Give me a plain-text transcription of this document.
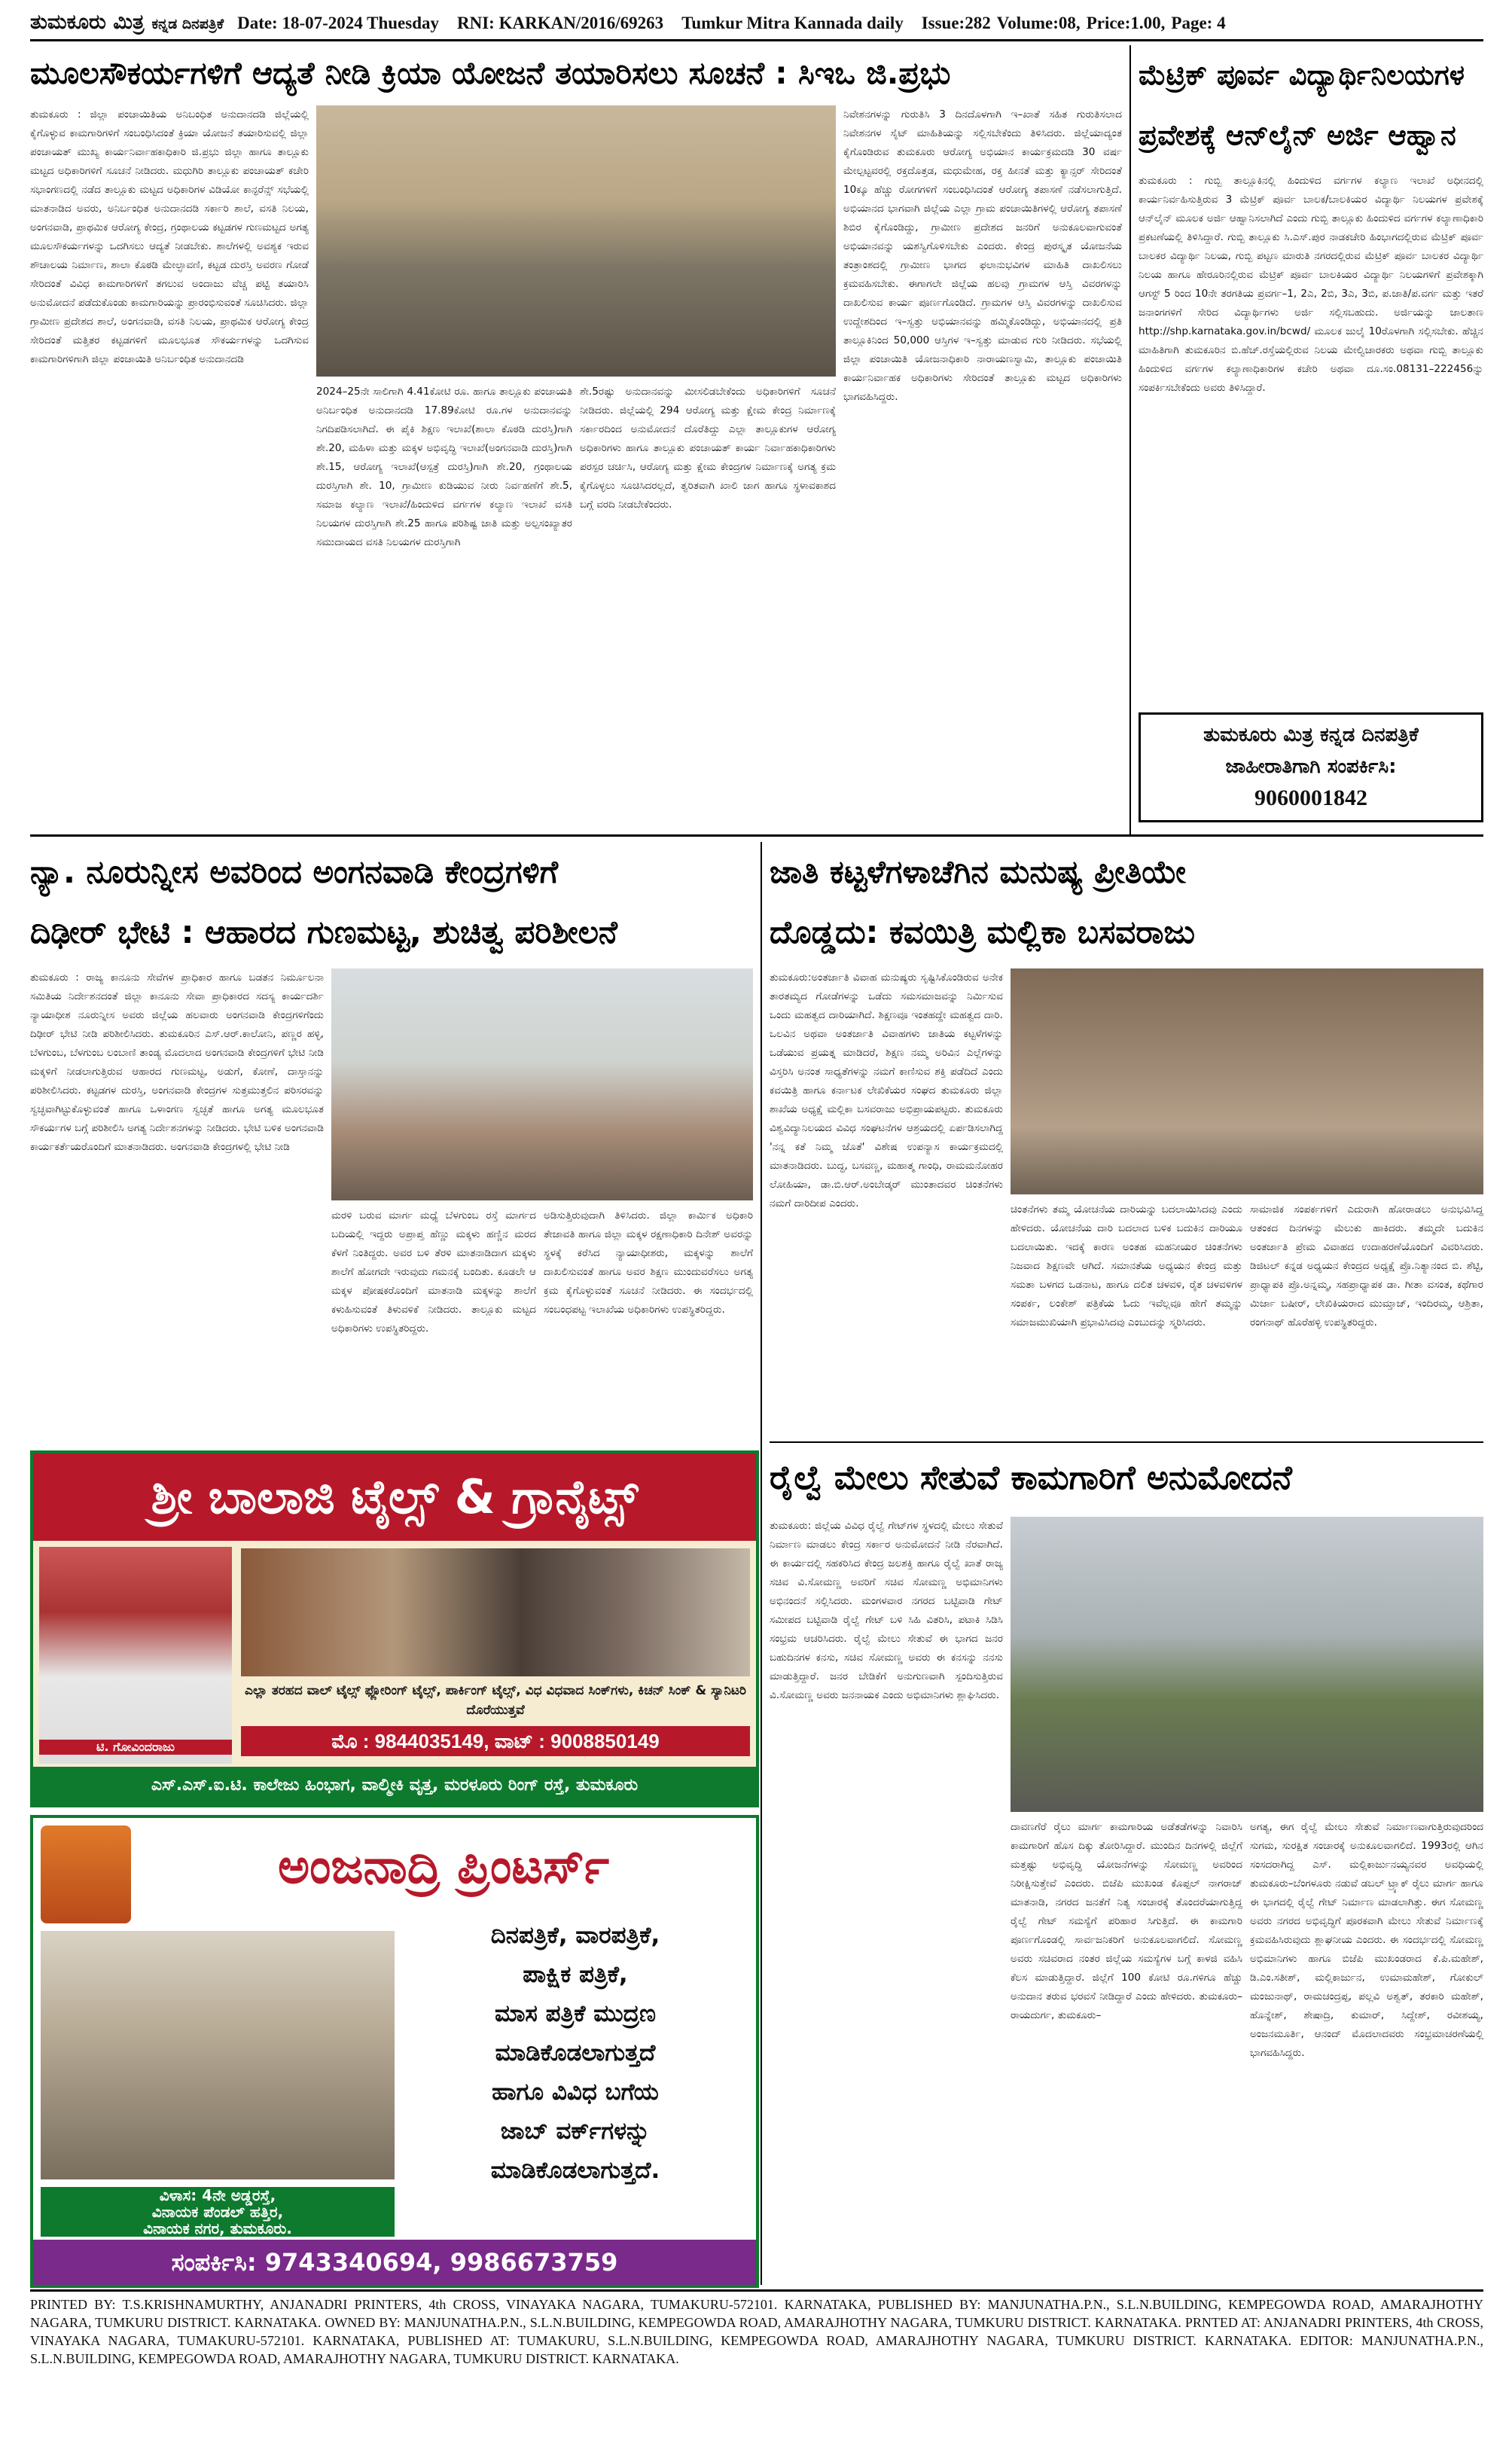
ತುಮಕೂರು ಮಿತ್ರ ಕನ್ನಡ ದಿನಪತ್ರಿಕೆ Date: 18-07-2024 Thuesday RNI: KARKAN/2016/69263 Tumkur Mitra Kannada daily Issue:282 Volume:08, Price:1.00, Page: 4
ಮೂಲಸೌಕರ್ಯಗಳಿಗೆ ಆದ್ಯತೆ ನೀಡಿ ಕ್ರಿಯಾ ಯೋಜನೆ ತಯಾರಿಸಲು ಸೂಚನೆ : ಸಿಇಒ ಜಿ.ಪ್ರಭು
ತುಮಕೂರು : ಜಿಲ್ಲಾ ಪಂಚಾಯಿತಿಯ ಅನಿಬಂಧಿತ ಅನುದಾನದಡಿ ಜಿಲ್ಲೆಯಲ್ಲಿ ಕೈಗೊಳ್ಳುವ ಕಾಮಗಾರಿಗಳಿಗೆ ಸಂಬಂಧಿಸಿದಂತೆ ಕ್ರಿಯಾ ಯೋಜನೆ ತಯಾರಿಸುವಲ್ಲಿ ಜಿಲ್ಲಾ ಪಂಚಾಯತ್ ಮುಖ್ಯ ಕಾರ್ಯನಿರ್ವಾಹಕಾಧಿಕಾರಿ ಜಿ.ಪ್ರಭು ಜಿಲ್ಲಾ ಹಾಗೂ ತಾಲ್ಲೂಕು ಮಟ್ಟದ ಅಧಿಕಾರಿಗಳಿಗೆ ಸೂಚನೆ ನೀಡಿದರು. ಮಧುಗಿರಿ ತಾಲ್ಲೂಕು ಪಂಚಾಯತ್ ಕಚೇರಿ ಸಭಾಂಗಣದಲ್ಲಿ ನಡೆದ ತಾಲ್ಲೂಕು ಮಟ್ಟದ ಅಧಿಕಾರಿಗಳ ವಿಡಿಯೋ ಕಾನ್ಫರೆನ್ಸ್ ಸಭೆಯಲ್ಲಿ ಮಾತನಾಡಿದ ಅವರು, ಅನಿರ್ಬಂಧಿತ ಅನುದಾನದಡಿ ಸರ್ಕಾರಿ ಶಾಲೆ, ವಸತಿ ನಿಲಯ, ಅಂಗನವಾಡಿ, ಪ್ರಾಥಮಿಕ ಆರೋಗ್ಯ ಕೇಂದ್ರ, ಗ್ರಂಥಾಲಯ ಕಟ್ಟಡಗಳ ಗುಣಮಟ್ಟದ ಅಗತ್ಯ ಮೂಲಸೌಕರ್ಯಗಳನ್ನು ಒದಗಿಸಲು ಆದ್ಯತೆ ನೀಡಬೇಕು. ಶಾಲೆಗಳಲ್ಲಿ ಅವಶ್ಯಕ ಇರುವ ಶೌಚಾಲಯ ನಿರ್ಮಾಣ, ಶಾಲಾ ಕೊಠಡಿ ಮೇಲ್ಛಾವಣಿ, ಕಟ್ಟಡ ದುರಸ್ತಿ ಅವರಣ ಗೋಡೆ ಸೇರಿದಂತೆ ವಿವಿಧ ಕಾಮಗಾರಿಗಳಿಗೆ ತಗಲುವ ಅಂದಾಜು ವೆಚ್ಚ ಪಟ್ಟಿ ತಯಾರಿಸಿ ಅನುಮೋದನೆ ಪಡೆದುಕೊಂಡು ಕಾಮಗಾರಿಯನ್ನು ಪ್ರಾರಂಭಿಸುವಂತೆ ಸೂಚಿಸಿದರು. ಜಿಲ್ಲಾ ಗ್ರಾಮೀಣ ಪ್ರದೇಶದ ಶಾಲೆ, ಅಂಗನವಾಡಿ, ವಸತಿ ನಿಲಯ, ಪ್ರಾಥಮಿಕ ಆರೋಗ್ಯ ಕೇಂದ್ರ ಸೇರಿದಂತೆ ಮತ್ತಿತರ ಕಟ್ಟಡಗಳಿಗೆ ಮೂಲಭೂತ ಸೌಕರ್ಯಗಳನ್ನು ಒದಗಿಸುವ ಕಾಮಗಾರಿಗಳಿಗಾಗಿ ಜಿಲ್ಲಾ ಪಂಚಾಯಿತಿ ಅನಿರ್ಬಂಧಿತ ಅನುದಾನದಡಿ
2024–25ನೇ ಸಾಲಿಗಾಗಿ 4.41ಕೋಟಿ ರೂ. ಹಾಗೂ ತಾಲ್ಲೂಕು ಪಂಚಾಯತಿ ಅನಿರ್ಬಂಧಿತ ಅನುದಾನದಡಿ 17.89ಕೋಟಿ ರೂ.ಗಳ ಅನುದಾನವನ್ನು ನಿಗದಿಪಡಿಸಲಾಗಿದೆ. ಈ ಪೈಕಿ ಶಿಕ್ಷಣ ಇಲಾಖೆ(ಶಾಲಾ ಕೊಠಡಿ ದುರಸ್ತಿ)ಗಾಗಿ ಶೇ.20, ಮಹಿಳಾ ಮತ್ತು ಮಕ್ಕಳ ಅಭಿವೃದ್ಧಿ ಇಲಾಖೆ(ಅಂಗನವಾಡಿ ದುರಸ್ತಿ)ಗಾಗಿ ಶೇ.15, ಆರೋಗ್ಯ ಇಲಾಖೆ(ಆಸ್ಪತ್ರೆ ದುರಸ್ತಿ)ಗಾಗಿ ಶೇ.20, ಗ್ರಂಥಾಲಯ ದುರಸ್ತಿಗಾಗಿ ಶೇ. 10, ಗ್ರಾಮೀಣ ಕುಡಿಯುವ ನೀರು ನಿರ್ವಹಣೆಗೆ ಶೇ.5, ಸಮಾಜ ಕಲ್ಯಾಣ ಇಲಾಖೆ/ಹಿಂದುಳಿದ ವರ್ಗಗಳ ಕಲ್ಯಾಣ ಇಲಾಖೆ ವಸತಿ ನಿಲಯಗಳ ದುರಸ್ತಿಗಾಗಿ ಶೇ.25 ಹಾಗೂ ಪರಿಶಿಷ್ಟ ಜಾತಿ ಮತ್ತು ಅಲ್ಪಸಂಖ್ಯಾತರ ಸಮುದಾಯದ ವಸತಿ ನಿಲಯಗಳ ದುರಸ್ತಿಗಾಗಿ
ಶೇ.5ರಷ್ಟು ಅನುದಾನವನ್ನು ಮೀಸಲಿಡಬೇಕೆಂದು ಅಧಿಕಾರಿಗಳಿಗೆ ಸೂಚನೆ ನೀಡಿದರು. ಜಿಲ್ಲೆಯಲ್ಲಿ 294 ಆರೋಗ್ಯ ಮತ್ತು ಕ್ಷೇಮ ಕೇಂದ್ರ ನಿರ್ಮಾಣಕ್ಕೆ ಸರ್ಕಾರದಿಂದ ಅನುಮೋದನೆ ದೊರೆತಿದ್ದು ಎಲ್ಲಾ ತಾಲ್ಲೂಕುಗಳ ಆರೋಗ್ಯ ಅಧಿಕಾರಿಗಳು ಹಾಗೂ ತಾಲ್ಲೂಕು ಪಂಚಾಯತ್ ಕಾರ್ಯ ನಿರ್ವಾಹಕಾಧಿಕಾರಿಗಳು ಪರಸ್ಪರ ಚರ್ಚಿಸಿ, ಆರೋಗ್ಯ ಮತ್ತು ಕ್ಷೇಮ ಕೇಂದ್ರಗಳ ನಿರ್ಮಾಣಕ್ಕೆ ಅಗತ್ಯ ಕ್ರಮ ಕೈಗೊಳ್ಳಲು ಸೂಚಿಸಿದರಲ್ಲದೆ, ತ್ವರಿತವಾಗಿ ಖಾಲಿ ಜಾಗ ಹಾಗೂ ಸ್ಥಳಾವಕಾಶದ ಬಗ್ಗೆ ವರದಿ ನೀಡಬೇಕೆಂದರು.
ನಿವೇಶನಗಳನ್ನು ಗುರುತಿಸಿ 3 ದಿನದೊಳಗಾಗಿ ಇ–ಖಾತೆ ಸಹಿತ ಗುರುತಿಸಲಾದ ನಿವೇಶನಗಳ ಸೈಟ್ ಮಾಹಿತಿಯನ್ನು ಸಲ್ಲಿಸಬೇಕೆಂದು ತಿಳಿಸಿದರು. ಜಿಲ್ಲೆಯಾದ್ಯಂತ ಕೈಗೊಂಡಿರುವ ತುಮಕೂರು ಆರೋಗ್ಯ ಅಭಿಯಾನ ಕಾರ್ಯಕ್ರಮದಡಿ 30 ವರ್ಷ ಮೇಲ್ಪಟ್ಟವರಲ್ಲಿ ರಕ್ತದೊತ್ತಡ, ಮಧುಮೇಹ, ರಕ್ತ ಹೀನತೆ ಮತ್ತು ಕ್ಯಾನ್ಸರ್ ಸೇರಿದಂತೆ 10ಕ್ಕೂ ಹೆಚ್ಚು ರೋಗಗಳಿಗೆ ಸಂಬಂಧಿಸಿದಂತೆ ಆರೋಗ್ಯ ತಪಾಸಣೆ ನಡೆಸಲಾಗುತ್ತಿದೆ. ಅಭಿಯಾನದ ಭಾಗವಾಗಿ ಜಿಲ್ಲೆಯ ಎಲ್ಲಾ ಗ್ರಾಮ ಪಂಚಾಯಿತಿಗಳಲ್ಲಿ ಆರೋಗ್ಯ ತಪಾಸಣೆ ಶಿಬಿರ ಕೈಗೊಂಡಿದ್ದು, ಗ್ರಾಮೀಣ ಪ್ರದೇಶದ ಜನರಿಗೆ ಅನುಕೂಲವಾಗುವಂತೆ ಅಭಿಯಾನವನ್ನು ಯಶಸ್ವಿಗೊಳಿಸಬೇಕು ಎಂದರು. ಕೇಂದ್ರ ಪುರಸ್ಕೃತ ಯೋಜನೆಯ ತಂತ್ರಾಂಶದಲ್ಲಿ ಗ್ರಾಮೀಣ ಭಾಗದ ಫಲಾನುಭವಿಗಳ ಮಾಹಿತಿ ದಾಖಲಿಸಲು ಕ್ರಮವಹಿಸಬೇಕು. ಈಗಾಗಲೇ ಜಿಲ್ಲೆಯ ಹಲವು ಗ್ರಾಮಗಳ ಆಸ್ತಿ ವಿವರಗಳನ್ನು ದಾಖಲಿಸುವ ಕಾರ್ಯ ಪೂರ್ಣಗೊಂಡಿದೆ. ಗ್ರಾಮಗಳ ಆಸ್ತಿ ವಿವರಗಳನ್ನು ದಾಖಲಿಸುವ ಉದ್ದೇಶದಿಂದ ಇ–ಸ್ವತ್ತು ಅಭಿಯಾನವನ್ನು ಹಮ್ಮಿಕೊಂಡಿದ್ದು, ಅಭಿಯಾನದಲ್ಲಿ ಪ್ರತಿ ತಾಲ್ಲೂಕಿನಿಂದ 50,000 ಆಸ್ತಿಗಳ ಇ–ಸ್ವತ್ತು ಮಾಡುವ ಗುರಿ ನೀಡಿದರು. ಸಭೆಯಲ್ಲಿ ಜಿಲ್ಲಾ ಪಂಚಾಯಿತಿ ಯೋಜನಾಧಿಕಾರಿ ನಾರಾಯಣಸ್ವಾಮಿ, ತಾಲ್ಲೂಕು ಪಂಚಾಯಿತಿ ಕಾರ್ಯನಿರ್ವಾಹಕ ಅಧಿಕಾರಿಗಳು ಸೇರಿದಂತೆ ತಾಲ್ಲೂಕು ಮಟ್ಟದ ಅಧಿಕಾರಿಗಳು ಭಾಗವಹಿಸಿದ್ದರು.
ಮೆಟ್ರಿಕ್ ಪೂರ್ವ ವಿದ್ಯಾರ್ಥಿನಿಲಯಗಳ ಪ್ರವೇಶಕ್ಕೆ ಆನ್‌ಲೈನ್ ಅರ್ಜಿ ಆಹ್ವಾನ
ತುಮಕೂರು : ಗುಬ್ಬಿ ತಾಲ್ಲೂಕಿನಲ್ಲಿ ಹಿಂದುಳಿದ ವರ್ಗಗಳ ಕಲ್ಯಾಣ ಇಲಾಖೆ ಅಧೀನದಲ್ಲಿ ಕಾರ್ಯನಿರ್ವಹಿಸುತ್ತಿರುವ 3 ಮೆಟ್ರಿಕ್ ಪೂರ್ವ ಬಾಲಕ/ಬಾಲಕಿಯರ ವಿದ್ಯಾರ್ಥಿ ನಿಲಯಗಳ ಪ್ರವೇಶಕ್ಕೆ ಆನ್‌ಲೈನ್ ಮೂಲಕ ಅರ್ಜಿ ಆಹ್ವಾನಿಸಲಾಗಿದೆ ಎಂದು ಗುಬ್ಬಿ ತಾಲ್ಲೂಕು ಹಿಂದುಳಿದ ವರ್ಗಗಳ ಕಲ್ಯಾಣಾಧಿಕಾರಿ ಪ್ರಕಟಣೆಯಲ್ಲಿ ತಿಳಿಸಿದ್ದಾರೆ. ಗುಬ್ಬಿ ತಾಲ್ಲೂಕು ಸಿ.ಎಸ್.ಪುರ ನಾಡಕಚೇರಿ ಹಿಂಭಾಗದಲ್ಲಿರುವ ಮೆಟ್ರಿಕ್ ಪೂರ್ವ ಬಾಲಕರ ವಿದ್ಯಾರ್ಥಿ ನಿಲಯ, ಗುಬ್ಬಿ ಪಟ್ಟಣ ಮಾರುತಿ ನಗರದಲ್ಲಿರುವ ಮೆಟ್ರಿಕ್ ಪೂರ್ವ ಬಾಲಕರ ವಿದ್ಯಾರ್ಥಿ ನಿಲಯ ಹಾಗೂ ಹೇರೂರಿನಲ್ಲಿರುವ ಮೆಟ್ರಿಕ್ ಪೂರ್ವ ಬಾಲಕಿಯರ ವಿದ್ಯಾರ್ಥಿ ನಿಲಯಗಳಿಗೆ ಪ್ರವೇಶಕ್ಕಾಗಿ ಆಗಸ್ಟ್ 5 ರಿಂದ 10ನೇ ತರಗತಿಯ ಪ್ರವರ್ಗ–1, 2ಎ, 2ಬಿ, 3ಎ, 3ಬಿ, ಪ.ಜಾತಿ/ಪ.ವರ್ಗ ಮತ್ತು ಇತರೆ ಜನಾಂಗಗಳಿಗೆ ಸೇರಿದ ವಿದ್ಯಾರ್ಥಿಗಳು ಅರ್ಜಿ ಸಲ್ಲಿಸಬಹುದು. ಅರ್ಜಿಯನ್ನು ಜಾಲತಾಣ http://shp.karnataka.gov.in/bcwd/ ಮೂಲಕ ಜುಲೈ 10ರೊಳಗಾಗಿ ಸಲ್ಲಿಸಬೇಕು. ಹೆಚ್ಚಿನ ಮಾಹಿತಿಗಾಗಿ ತುಮಕೂರಿನ ಬಿ.ಹೆಚ್.ರಸ್ತೆಯಲ್ಲಿರುವ ನಿಲಯ ಮೇಲ್ವಿಚಾರಕರು ಅಥವಾ ಗುಬ್ಬಿ ತಾಲ್ಲೂಕು ಹಿಂದುಳಿದ ವರ್ಗಗಳ ಕಲ್ಯಾಣಾಧಿಕಾರಿಗಳ ಕಚೇರಿ ಅಥವಾ ದೂ.ಸಂ.08131–222456ನ್ನು ಸಂಪರ್ಕಿಸಬೇಕೆಂದು ಅವರು ತಿಳಿಸಿದ್ದಾರೆ.
ತುಮಕೂರು ಮಿತ್ರ ಕನ್ನಡ ದಿನಪತ್ರಿಕೆ
ಜಾಹೀರಾತಿಗಾಗಿ ಸಂಪರ್ಕಿಸಿ:
9060001842
ನ್ಯಾ. ನೂರುನ್ನೀಸ ಅವರಿಂದ ಅಂಗನವಾಡಿ ಕೇಂದ್ರಗಳಿಗೆ
ದಿಢೀರ್ ಭೇಟಿ : ಆಹಾರದ ಗುಣಮಟ್ಟ, ಶುಚಿತ್ವ ಪರಿಶೀಲನೆ
ತುಮಕೂರು : ರಾಜ್ಯ ಕಾನೂನು ಸೇವೆಗಳ ಪ್ರಾಧಿಕಾರ ಹಾಗೂ ಬಡತನ ನಿರ್ಮೂಲನಾ ಸಮಿತಿಯ ನಿರ್ದೇಶನದಂತೆ ಜಿಲ್ಲಾ ಕಾನೂನು ಸೇವಾ ಪ್ರಾಧಿಕಾರದ ಸದಸ್ಯ ಕಾರ್ಯದರ್ಶಿ ನ್ಯಾಯಾಧೀಶ ನೂರುನ್ನೀಸ ಅವರು ಜಿಲ್ಲೆಯ ಹಲವಾರು ಅಂಗನವಾಡಿ ಕೇಂದ್ರಗಳಿಗೆಂದು ದಿಢೀರ್ ಭೇಟಿ ನೀಡಿ ಪರಿಶೀಲಿಸಿದರು. ತುಮಕೂರಿನ ಎಸ್.ಆರ್.ಕಾಲೋನಿ, ಪಣ್ಣರ ಹಳ್ಳಿ, ಬೆಳಗುಂಬ, ಬೆಳಗುಂಬ ಲಂಬಾಣಿ ತಾಂಡ್ಯ ಮೊದಲಾದ ಅಂಗನವಾಡಿ ಕೇಂದ್ರಗಳಿಗೆ ಭೇಟಿ ನೀಡಿ ಮಕ್ಕಳಿಗೆ ನೀಡಲಾಗುತ್ತಿರುವ ಆಹಾರದ ಗುಣಮಟ್ಟ, ಅಡುಗೆ, ಕೋಣೆ, ದಾಸ್ತಾನನ್ನು ಪರಿಶೀಲಿಸಿದರು. ಕಟ್ಟಡಗಳ ದುರಸ್ತಿ, ಅಂಗನವಾಡಿ ಕೇಂದ್ರಗಳ ಸುತ್ತಮುತ್ತಲಿನ ಪರಿಸರವನ್ನು ಸ್ವಚ್ಛವಾಗಿಟ್ಟುಕೊಳ್ಳುವಂತೆ ಹಾಗೂ ಒಳಾಂಗಣ ಸ್ವಚ್ಛತೆ ಹಾಗೂ ಅಗತ್ಯ ಮೂಲಭೂತ ಸೌಕರ್ಯಗಳ ಬಗ್ಗೆ ಪರಿಶೀಲಿಸಿ ಅಗತ್ಯ ನಿರ್ದೇಶನಗಳನ್ನು ನೀಡಿದರು. ಭೇಟಿ ಬಳಿಕ ಅಂಗನವಾಡಿ ಕಾರ್ಯಕರ್ತೆಯರೊಂದಿಗೆ ಮಾತನಾಡಿದರು. ಅಂಗನವಾಡಿ ಕೇಂದ್ರಗಳಲ್ಲಿ ಭೇಟಿ ನೀಡಿ
ಮರಳಿ ಬರುವ ಮಾರ್ಗ ಮಧ್ಯೆ ಬೆಳಗುಂಬ ರಸ್ತೆ ಮಾರ್ಗದ ಬದಿಯಲ್ಲಿ ಇದ್ದರು ಅಪ್ರಾಪ್ತ ಹೆಣ್ಣು ಮಕ್ಕಳು ಹಣ್ಣಿನ ಮರದ ಕೆಳಗೆ ನಿಂತಿದ್ದರು. ಅವರ ಬಳಿ ತೆರಳಿ ಮಾತನಾಡಿದಾಗ ಮಕ್ಕಳು ಶಾಲೆಗೆ ಹೋಗದೇ ಇರುವುದು ಗಮನಕ್ಕೆ ಬಂದಿತು. ಕೂಡಲೇ ಆ ಮಕ್ಕಳ ಪೋಷಕರೊಂದಿಗೆ ಮಾತನಾಡಿ ಮಕ್ಕಳನ್ನು ಶಾಲೆಗೆ ಕಳುಹಿಸುವಂತೆ ತಿಳುವಳಿಕೆ ನೀಡಿದರು. ತಾಲ್ಲೂಕು ಮಟ್ಟದ ಅಧಿಕಾರಿಗಳು ಉಪಸ್ಥಿತರಿದ್ದರು.
ಅಡಿಸುತ್ತಿರುವುದಾಗಿ ತಿಳಿಸಿದರು. ಜಿಲ್ಲಾ ಕಾರ್ಮಿಕ ಅಧಿಕಾರಿ ತೇಜಾವತಿ ಹಾಗೂ ಜಿಲ್ಲಾ ಮಕ್ಕಳ ರಕ್ಷಣಾಧಿಕಾರಿ ದಿನೇಶ್ ಅವರನ್ನು ಸ್ಥಳಕ್ಕೆ ಕರೆಸಿದ ನ್ಯಾಯಾಧೀಶರು, ಮಕ್ಕಳನ್ನು ಶಾಲೆಗೆ ದಾಖಲಿಸುವಂತೆ ಹಾಗೂ ಅವರ ಶಿಕ್ಷಣ ಮುಂದುವರೆಸಲು ಅಗತ್ಯ ಕ್ರಮ ಕೈಗೊಳ್ಳುವಂತೆ ಸೂಚನೆ ನೀಡಿದರು. ಈ ಸಂದರ್ಭದಲ್ಲಿ ಸಂಬಂಧಪಟ್ಟ ಇಲಾಖೆಯ ಅಧಿಕಾರಿಗಳು ಉಪಸ್ಥಿತರಿದ್ದರು.
ಜಾತಿ ಕಟ್ಟಳೆಗಳಾಚೆಗಿನ ಮನುಷ್ಯ ಪ್ರೀತಿಯೇ
ದೊಡ್ಡದು: ಕವಯಿತ್ರಿ ಮಲ್ಲಿಕಾ ಬಸವರಾಜು
ತುಮಕೂರು:ಅಂತರ್ಜಾತಿ ವಿವಾಹ ಮನುಷ್ಯರು ಸೃಷ್ಟಿಸಿಕೊಂಡಿರುವ ಅನೇಕ ತಾರತಮ್ಯದ ಗೋಡೆಗಳನ್ನು ಒಡೆದು ಸಮಸಮಾಜವನ್ನು ನಿರ್ಮಿಸುವ ಒಂದು ಮಹತ್ವದ ದಾರಿಯಾಗಿದೆ. ಶಿಕ್ಷಣವೂ ಇಂತಹದ್ದೇ ಮಹತ್ವದ ದಾರಿ. ಒಲವಿನ ಅಥವಾ ಅಂತರ್ಜಾತಿ ವಿವಾಹಗಳು ಜಾತಿಯ ಕಟ್ಟಳೆಗಳನ್ನು ಒಡೆಯುವ ಪ್ರಯತ್ನ ಮಾಡಿದರೆ, ಶಿಕ್ಷಣ ನಮ್ಮ ಅರಿವಿನ ಎಲ್ಲೆಗಳನ್ನು ವಿಸ್ತರಿಸಿ ಅನಂತ ಸಾಧ್ಯತೆಗಳನ್ನು ನಮಗೆ ಕಾಣಿಸುವ ಶಕ್ತಿ ಪಡೆದಿದೆ ಎಂದು ಕವಯಿತ್ರಿ ಹಾಗೂ ಕರ್ನಾಟಕ ಲೇಖಿಕೆಯರ ಸಂಘದ ತುಮಕೂರು ಜಿಲ್ಲಾ ಶಾಖೆಯ ಅಧ್ಯಕ್ಷೆ ಮಲ್ಲಿಕಾ ಬಸವರಾಜು ಅಭಿಪ್ರಾಯಪಟ್ಟರು. ತುಮಕೂರು ವಿಶ್ವವಿದ್ಯಾನಿಲಯದ ವಿವಿಧ ಸಂಘಟನೆಗಳ ಆಶ್ರಯದಲ್ಲಿ ಏರ್ಪಡಿಸಲಾಗಿದ್ದ 'ನನ್ನ ಕತೆ ನಿಮ್ಮ ಜೊತೆ' ವಿಶೇಷ ಉಪನ್ಯಾಸ ಕಾರ್ಯಕ್ರಮದಲ್ಲಿ ಮಾತನಾಡಿದರು. ಬುದ್ಧ, ಬಸವಣ್ಣ, ಮಹಾತ್ಮ ಗಾಂಧಿ, ರಾಮಮನೋಹರ ಲೋಹಿಯಾ, ಡಾ.ಬಿ.ಆರ್.ಅಂಬೇಡ್ಕರ್ ಮುಂತಾದವರ ಚಿಂತನೆಗಳು ನಮಗೆ ದಾರಿದೀಪ ಎಂದರು.	ಚಿಂತನೆಗಳು ತಮ್ಮ ಯೋಚನೆಯ ದಾರಿಯನ್ನು ಬದಲಾಯಿಸಿದವು ಎಂದು ಹೇಳಿದರು. ಯೋಚನೆಯ ದಾರಿ ಬದಲಾದ ಬಳಿಕ ಬದುಕಿನ ದಾರಿಯೂ ಬದಲಾಯಿತು. ಇದಕ್ಕೆ ಕಾರಣ ಅಂತಹ ಮಹನೀಯರ ಚಿಂತನೆಗಳು ನಿಜವಾದ ಶಿಕ್ಷಣವೇ ಆಗಿದೆ. ಸಮಾನತೆಯ ಅಧ್ಯಯನ ಕೇಂದ್ರ ಮತ್ತು ಸಮತಾ ಬಳಗದ ಒಡನಾಟ, ಹಾಗೂ ದಲಿತ ಚಳವಳಿ, ರೈತ ಚಳವಳಿಗಳ ಸಂಪರ್ಕ, ಲಂಕೇಶ್ ಪತ್ರಿಕೆಯ ಓದು ಇವೆಲ್ಲವೂ ಹೇಗೆ ತಮ್ಮನ್ನು ಸಮಾಜಮುಖಿಯಾಗಿ ಪ್ರಭಾವಿಸಿದವು ಎಂಬುದನ್ನು ಸ್ಮರಿಸಿದರು.
ಸಾಮಾಜಿಕ ಸಂಪರ್ಕಗಳಿಗೆ ಎದುರಾಗಿ ಹೋರಾಡಲು ಅನುಭವಿಸಿದ್ದ ಆತಂಕದ ದಿನಗಳನ್ನು ಮೆಲುಕು ಹಾಕಿದರು. ತಮ್ಮದೇ ಬದುಕಿನ ಅಂತರ್ಜಾತಿ ಪ್ರೇಮ ವಿವಾಹದ ಉದಾಹರಣೆಯೊಂದಿಗೆ ವಿವರಿಸಿದರು. ಡಿಜಿಟಲ್ ಕನ್ನಡ ಅಧ್ಯಯನ ಕೇಂದ್ರದ ಅಧ್ಯಕ್ಷೆ ಪ್ರೊ.ನಿತ್ಯಾನಂದ ಬಿ. ಶೆಟ್ಟಿ, ಪ್ರಾಧ್ಯಾಪಕಿ ಪ್ರೊ.ಅನ್ನಮ್ಮ, ಸಹಪ್ರಾಧ್ಯಾಪಕ ಡಾ. ಗೀತಾ ವಸಂತ, ಕಥೆಗಾರ ಮಿರ್ಜಾ ಬಷೀರ್, ಲೇಖಿಕಿಯರಾದ ಮುಮ್ತಾಜ್, ಇಂದಿರಮ್ಮ, ಆಶ್ರಿತಾ, ರಂಗನಾಥ್ ಹೊರೆಹಳ್ಳಿ ಉಪಸ್ಥಿತರಿದ್ದರು.
ರೈಲ್ವೆ ಮೇಲು ಸೇತುವೆ ಕಾಮಗಾರಿಗೆ ಅನುಮೋದನೆ
ತುಮಕೂರು: ಜಿಲ್ಲೆಯ ವಿವಿಧ ರೈಲ್ವೆ ಗೇಟ್‌ಗಳ ಸ್ಥಳದಲ್ಲಿ ಮೇಲು ಸೇತುವೆ ನಿರ್ಮಾಣ ಮಾಡಲು ಕೇಂದ್ರ ಸರ್ಕಾರ ಅನುಮೋದನೆ ನೀಡಿ ನೆರವಾಗಿದೆ. ಈ ಕಾರ್ಯದಲ್ಲಿ ಸಹಕರಿಸಿದ ಕೇಂದ್ರ ಜಲಶಕ್ತಿ ಹಾಗೂ ರೈಲ್ವೆ ಖಾತೆ ರಾಜ್ಯ ಸಚಿವ ವಿ.ಸೋಮಣ್ಣ ಅವರಿಗೆ ಸಚಿವ ಸೋಮಣ್ಣ ಅಭಿಮಾನಿಗಳು ಅಭಿನಂದನೆ ಸಲ್ಲಿಸಿದರು. ಮಂಗಳವಾರ ನಗರದ ಬಟ್ಟಿವಾಡಿ ಗೇಟ್ ಸಮೀಪದ ಬಟ್ಟಿವಾಡಿ ರೈಲ್ವೆ ಗೇಟ್ ಬಳಿ ಸಿಹಿ ವಿತರಿಸಿ, ಪಟಾಕಿ ಸಿಡಿಸಿ ಸಂಭ್ರಮ ಆಚರಿಸಿದರು. ರೈಲ್ವೆ ಮೇಲು ಸೇತುವೆ ಈ ಭಾಗದ ಜನರ ಬಹುದಿನಗಳ ಕನಸು, ಸಚಿವ ಸೋಮಣ್ಣ ಅವರು ಈ ಕನಸನ್ನು ನನಸು ಮಾಡುತ್ತಿದ್ದಾರೆ. ಜನರ ಬೇಡಿಕೆಗೆ ಅನುಗುಣವಾಗಿ ಸ್ಪಂದಿಸುತ್ತಿರುವ ವಿ.ಸೋಮಣ್ಣ ಅವರು ಜನನಾಯಕ ಎಂದು ಅಭಿಮಾನಿಗಳು ಶ್ಲಾಘಿಸಿದರು.
ದಾವಣಗೆರೆ ರೈಲು ಮಾರ್ಗ ಕಾಮಗಾರಿಯ ಅಡೆತಡೆಗಳನ್ನು ನಿವಾರಿಸಿ ಕಾಮಗಾರಿಗೆ ಹೊಸ ದಿಕ್ಕು ತೋರಿಸಿದ್ದಾರೆ. ಮುಂದಿನ ದಿನಗಳಲ್ಲಿ ಜಿಲ್ಲೆಗೆ ಮತ್ತಷ್ಟು ಅಭಿವೃದ್ಧಿ ಯೋಜನೆಗಳನ್ನು ಸೋಮಣ್ಣ ಅವರಿಂದ ನಿರೀಕ್ಷಿಸುತ್ತೇವೆ ಎಂದರು. ಬಿಜೆಪಿ ಮುಖಂಡ ಕೊಪ್ಪಲ್ ನಾಗರಾಜ್ ಮಾತನಾಡಿ, ನಗರದ ಜನತೆಗೆ ನಿತ್ಯ ಸಂಚಾರಕ್ಕೆ ತೊಂದರೆಯಾಗುತ್ತಿದ್ದ ರೈಲ್ವೆ ಗೇಟ್ ಸಮಸ್ಯೆಗೆ ಪರಿಹಾರ ಸಿಗುತ್ತಿದೆ. ಈ ಕಾಮಗಾರಿ ಪೂರ್ಣಗೊಂಡಲ್ಲಿ ಸಾರ್ವಜನಿಕರಿಗೆ ಅನುಕೂಲವಾಗಲಿದೆ. ಸೋಮಣ್ಣ ಅವರು ಸಚಿವರಾದ ನಂತರ ಜಿಲ್ಲೆಯ ಸಮಸ್ಯೆಗಳ ಬಗ್ಗೆ ಕಾಳಜಿ ವಹಿಸಿ ಕೆಲಸ ಮಾಡುತ್ತಿದ್ದಾರೆ. ಜಿಲ್ಲೆಗೆ 100 ಕೋಟಿ ರೂ.ಗಳಿಗೂ ಹೆಚ್ಚು ಅನುದಾನ ತರುವ ಭರವಸೆ ನೀಡಿದ್ದಾರೆ ಎಂದು ಹೇಳಿದರು. ತುಮಕೂರು–ರಾಯದುರ್ಗ, ತುಮಕೂರು–
ಅಗತ್ಯ, ಈಗ ರೈಲ್ವೆ ಮೇಲು ಸೇತುವೆ ನಿರ್ಮಾಣವಾಗುತ್ತಿರುವುದರಿಂದ ಸುಗಮ, ಸುರಕ್ಷಿತ ಸಂಚಾರಕ್ಕೆ ಅನುಕೂಲವಾಗಲಿದೆ. 1993ರಲ್ಲಿ ಆಗಿನ ಸಂಸದರಾಗಿದ್ದ ಎಸ್. ಮಲ್ಲಿಕಾರ್ಜುನಯ್ಯನವರ ಅವಧಿಯಲ್ಲಿ ತುಮಕೂರು–ಬೆಂಗಳೂರು ನಡುವೆ ಡಬಲ್ ಟ್ರ್ಯಾಕ್ ರೈಲು ಮಾರ್ಗ ಹಾಗೂ ಈ ಭಾಗದಲ್ಲಿ ರೈಲ್ವೆ ಗೇಟ್ ನಿರ್ಮಾಣ ಮಾಡಲಾಗಿತ್ತು. ಈಗ ಸೋಮಣ್ಣ ಅವರು ನಗರದ ಅಭಿವೃದ್ಧಿಗೆ ಪೂರಕವಾಗಿ ಮೇಲು ಸೇತುವೆ ನಿರ್ಮಾಣಕ್ಕೆ ಕ್ರಮವಹಿಸಿರುವುದು ಶ್ಲಾಘನೀಯ ಎಂದರು. ಈ ಸಂದರ್ಭದಲ್ಲಿ ಸೋಮಣ್ಣ ಅಭಿಮಾನಿಗಳು ಹಾಗೂ ಬಿಜೆಪಿ ಮುಖಂಡರಾದ ಕೆ.ಪಿ.ಮಹೇಶ್, ಡಿ.ಎಂ.ಸತೀಶ್, ಮಲ್ಲಿಕಾರ್ಜುನ, ಉಮಾಮಹೇಶ್, ಗೋಕುಲ್ ಮಂಜುನಾಥ್, ರಾಮಚಂದ್ರಪ್ಪ, ಪಲ್ಲವಿ ಅಶ್ವತ್, ತರಕಾರಿ ಮಹೇಶ್, ಹೊನ್ನೇಶ್, ಶೇಷಾದ್ರಿ, ಕುಮಾರ್, ಸಿದ್ದೇಶ್, ರವೀಶಯ್ಯ, ಅಂಜನಮೂರ್ತಿ, ಆನಂದ್ ಮೊದಲಾದವರು ಸಂಭ್ರಮಾಚರಣೆಯಲ್ಲಿ ಭಾಗವಹಿಸಿದ್ದರು.
ಶ್ರೀ ಬಾಲಾಜಿ ಟೈಲ್ಸ್ & ಗ್ರಾನೈಟ್ಸ್
ಟಿ. ಗೋವಿಂದರಾಜು
ಎಲ್ಲಾ ತರಹದ ವಾಲ್ ಟೈಲ್ಸ್ ಫ್ಲೋರಿಂಗ್ ಟೈಲ್ಸ್, ಪಾರ್ಕಿಂಗ್ ಟೈಲ್ಸ್, ವಿಧ ವಿಧವಾದ ಸಿಂಕ್‌ಗಳು, ಕಿಚನ್ ಸಿಂಕ್ & ಸ್ಯಾನಿಟರಿ ದೊರೆಯುತ್ತವೆ
ಮೊ : 9844035149, ವಾಟ್ : 9008850149
ಎಸ್.ಎಸ್.ಐ.ಟಿ. ಕಾಲೇಜು ಹಿಂಭಾಗ, ವಾಲ್ಮೀಕಿ ವೃತ್ತ, ಮರಳೂರು ರಿಂಗ್ ರಸ್ತೆ, ತುಮಕೂರು
ಅಂಜನಾದ್ರಿ ಪ್ರಿಂಟರ್ಸ್
ದಿನಪತ್ರಿಕೆ, ವಾರಪತ್ರಿಕೆ,
ಪಾಕ್ಷಿಕ ಪತ್ರಿಕೆ,
ಮಾಸ ಪತ್ರಿಕೆ ಮುದ್ರಣ
ಮಾಡಿಕೊಡಲಾಗುತ್ತದೆ
ಹಾಗೂ ವಿವಿಧ ಬಗೆಯ
ಜಾಬ್ ವರ್ಕ್‌ಗಳನ್ನು
ಮಾಡಿಕೊಡಲಾಗುತ್ತದೆ.
ವಿಳಾಸ: 4ನೇ ಅಡ್ಡರಸ್ತೆ,
ವಿನಾಯಕ ಪೆಂಡಲ್ ಹತ್ತಿರ,
ವಿನಾಯಕ ನಗರ, ತುಮಕೂರು.
ಸಂಪರ್ಕಿಸಿ: 9743340694, 9986673759
PRINTED BY: T.S.KRISHNAMURTHY, ANJANADRI PRINTERS, 4th CROSS, VINAYAKA NAGARA, TUMAKURU-572101. KARNATAKA, PUBLISHED BY: MANJUNATHA.P.N., S.L.N.BUILDING, KEMPEGOWDA ROAD, AMARAJHOTHY NAGARA, TUMKURU DISTRICT. KARNATAKA. OWNED BY: MANJUNATHA.P.N., S.L.N.BUILDING, KEMPEGOWDA ROAD, AMARAJHOTHY NAGARA, TUMKURU DISTRICT. KARNATAKA. PRNTED AT: ANJANADRI PRINTERS, 4th CROSS, VINAYAKA NAGARA, TUMAKURU-572101. KARNATAKA, PUBLISHED AT: TUMAKURU, S.L.N.BUILDING, KEMPEGOWDA ROAD, AMARAJHOTHY NAGARA, TUMKURU DISTRICT. KARNATAKA. EDITOR: MANJUNATHA.P.N., S.L.N.BUILDING, KEMPEGOWDA ROAD, AMARAJHOTHY NAGARA, TUMKURU DISTRICT. KARNATAKA.
